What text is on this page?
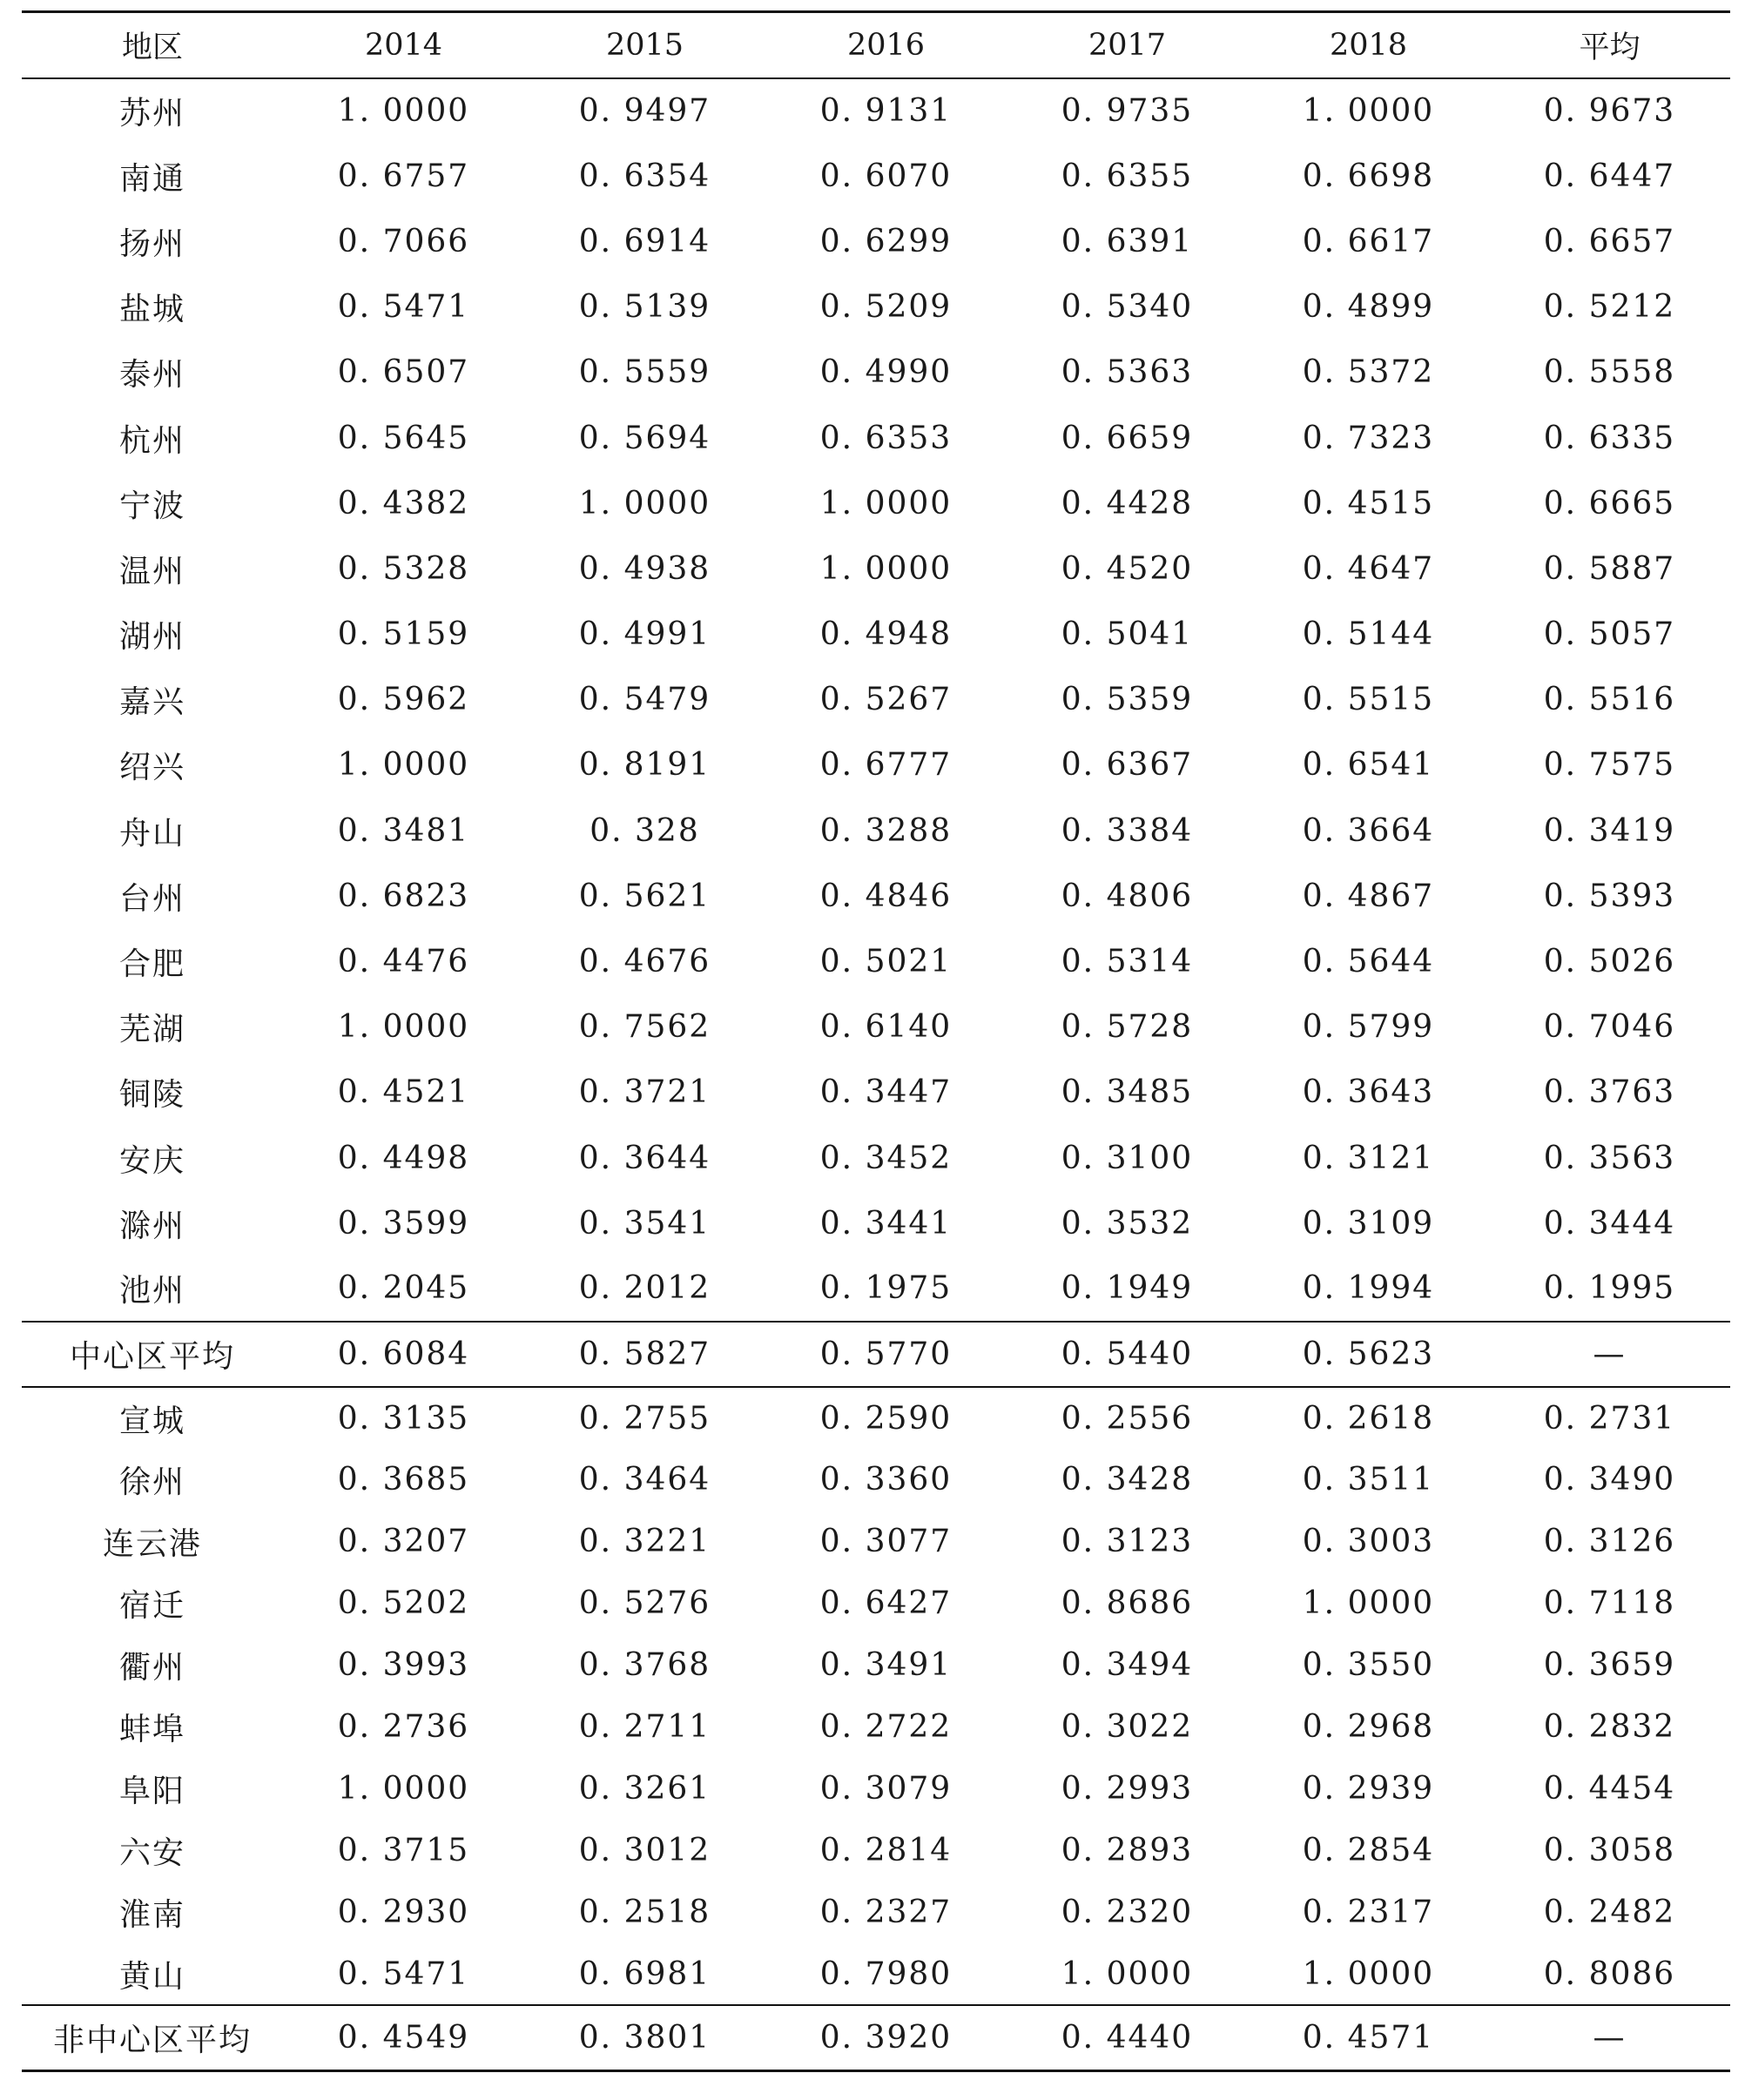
地区	2014	2015	2016	2017	2018	平均
苏州	1. 0000	0. 9497	0. 9131	0. 9735	1. 0000	0. 9673
南通	0. 6757	0. 6354	0. 6070	0. 6355	0. 6698	0. 6447
扬州	0. 7066	0. 6914	0. 6299	0. 6391	0. 6617	0. 6657
盐城	0. 5471	0. 5139	0. 5209	0. 5340	0. 4899	0. 5212
泰州	0. 6507	0. 5559	0. 4990	0. 5363	0. 5372	0. 5558
杭州	0. 5645	0. 5694	0. 6353	0. 6659	0. 7323	0. 6335
宁波	0. 4382	1. 0000	1. 0000	0. 4428	0. 4515	0. 6665
温州	0. 5328	0. 4938	1. 0000	0. 4520	0. 4647	0. 5887
湖州	0. 5159	0. 4991	0. 4948	0. 5041	0. 5144	0. 5057
嘉兴	0. 5962	0. 5479	0. 5267	0. 5359	0. 5515	0. 5516
绍兴	1. 0000	0. 8191	0. 6777	0. 6367	0. 6541	0. 7575
舟山	0. 3481	0. 328	0. 3288	0. 3384	0. 3664	0. 3419
台州	0. 6823	0. 5621	0. 4846	0. 4806	0. 4867	0. 5393
合肥	0. 4476	0. 4676	0. 5021	0. 5314	0. 5644	0. 5026
芜湖	1. 0000	0. 7562	0. 6140	0. 5728	0. 5799	0. 7046
铜陵	0. 4521	0. 3721	0. 3447	0. 3485	0. 3643	0. 3763
安庆	0. 4498	0. 3644	0. 3452	0. 3100	0. 3121	0. 3563
滁州	0. 3599	0. 3541	0. 3441	0. 3532	0. 3109	0. 3444
池州	0. 2045	0. 2012	0. 1975	0. 1949	0. 1994	0. 1995
中心区平均	0. 6084	0. 5827	0. 5770	0. 5440	0. 5623	—
宣城	0. 3135	0. 2755	0. 2590	0. 2556	0. 2618	0. 2731
徐州	0. 3685	0. 3464	0. 3360	0. 3428	0. 3511	0. 3490
连云港	0. 3207	0. 3221	0. 3077	0. 3123	0. 3003	0. 3126
宿迁	0. 5202	0. 5276	0. 6427	0. 8686	1. 0000	0. 7118
衢州	0. 3993	0. 3768	0. 3491	0. 3494	0. 3550	0. 3659
蚌埠	0. 2736	0. 2711	0. 2722	0. 3022	0. 2968	0. 2832
阜阳	1. 0000	0. 3261	0. 3079	0. 2993	0. 2939	0. 4454
六安	0. 3715	0. 3012	0. 2814	0. 2893	0. 2854	0. 3058
淮南	0. 2930	0. 2518	0. 2327	0. 2320	0. 2317	0. 2482
黄山	0. 5471	0. 6981	0. 7980	1. 0000	1. 0000	0. 8086
非中心区平均	0. 4549	0. 3801	0. 3920	0. 4440	0. 4571	—
